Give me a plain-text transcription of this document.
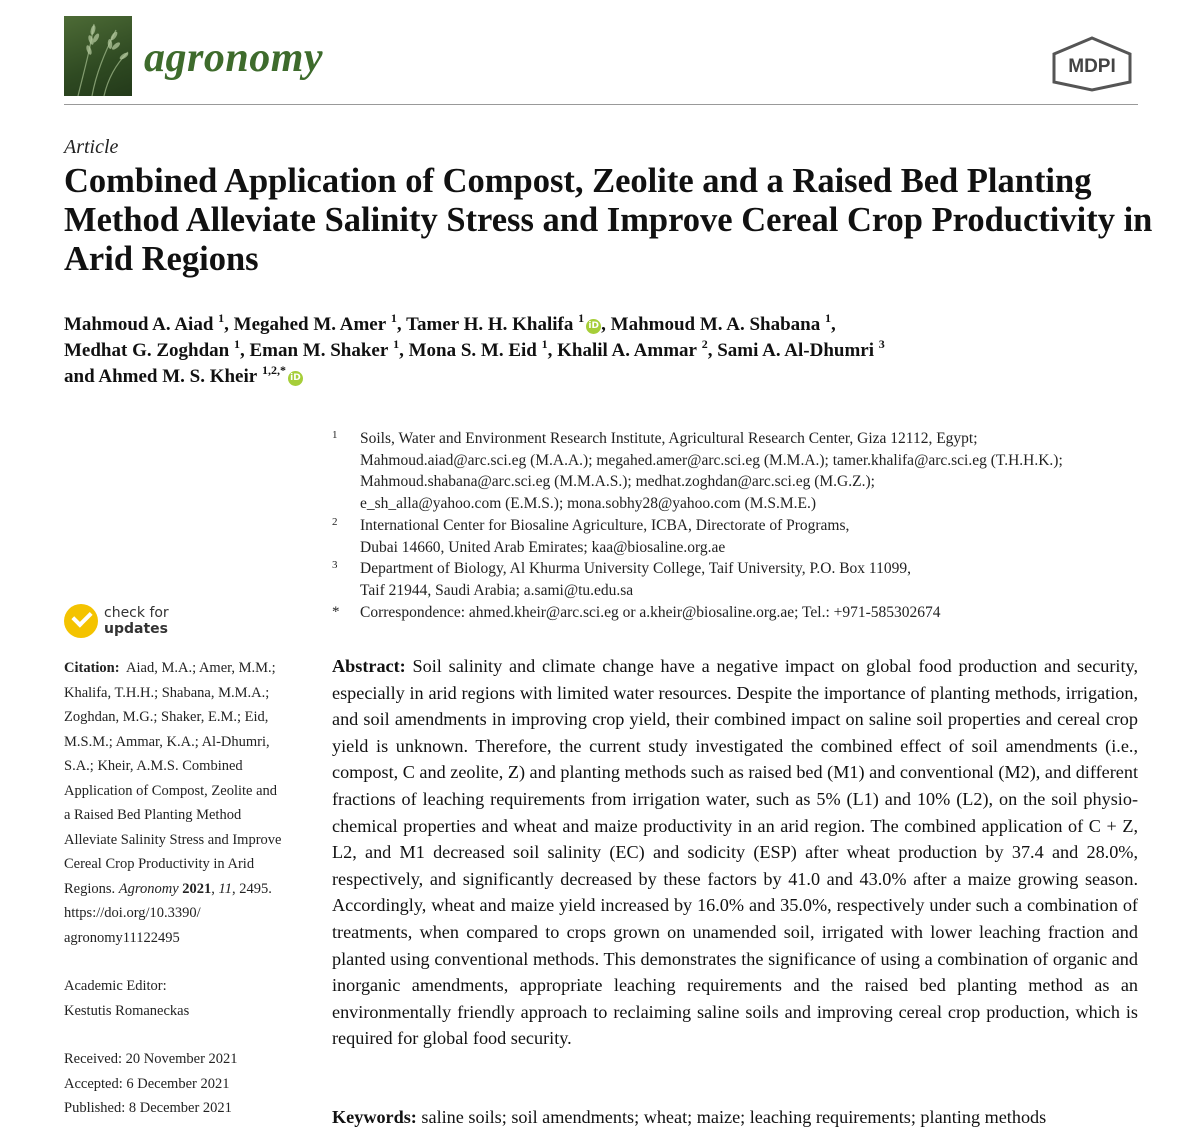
agronomy	MDPI
Article
Combined Application of Compost, Zeolite and a Raised Bed Planting Method Alleviate Salinity Stress and Improve Cereal Crop Productivity in Arid Regions
Mahmoud A. Aiad $^1$, Megahed M. Amer $^1$, Tamer H. H. Khalifa $^1$iD , Mahmoud M. A. Shabana $^1$,
Medhat G. Zoghdan $^1$, Eman M. Shaker $^1$, Mona S. M. Eid $^1$, Khalil A. Ammar $^2$, Sami A. Al-Dhumri $^3$
and Ahmed M. S. Kheir $^{1,2,*}$iD
1 Soils, Water and Environment Research Institute, Agricultural Research Center, Giza 12112, Egypt;
Mahmoud.aiad@arc.sci.eg (M.A.A.); megahed.amer@arc.sci.eg (M.M.A.); tamer.khalifa@arc.sci.eg (T.H.H.K.);
Mahmoud.shabana@arc.sci.eg (M.M.A.S.); medhat.zoghdan@arc.sci.eg (M.G.Z.);
e_sh_alla@yahoo.com (E.M.S.); mona.sobhy28@yahoo.com (M.S.M.E.)
2 International Center for Biosaline Agriculture, ICBA, Directorate of Programs,
Dubai 14660, United Arab Emirates; kaa@biosaline.org.ae
3 Department of Biology, Al Khurma University College, Taif University, P.O. Box 11099,
Taif 21944, Saudi Arabia; a.sami@tu.edu.sa
* Correspondence: ahmed.kheir@arc.sci.eg or a.kheir@biosaline.org.ae; Tel.: +971-585302674
check for
updates
Citation: Aiad, M.A.; Amer, M.M.;
Khalifa, T.H.H.; Shabana, M.M.A.;
Zoghdan, M.G.; Shaker, E.M.; Eid,
M.S.M.; Ammar, K.A.; Al-Dhumri,
S.A.; Kheir, A.M.S. Combined
Application of Compost, Zeolite and
a Raised Bed Planting Method
Alleviate Salinity Stress and Improve
Cereal Crop Productivity in Arid
Regions. Agronomy 2021, 11, 2495.
https://doi.org/10.3390/
agronomy11122495
Academic Editor:
Kestutis Romaneckas
Received: 20 November 2021
Accepted: 6 December 2021
Published: 8 December 2021

Abstract: Soil salinity and climate change have a negative impact on global food production and security, especially in arid regions with limited water resources. Despite the importance of planting methods, irrigation, and soil amendments in improving crop yield, their combined impact on saline soil properties and cereal crop yield is unknown. Therefore, the current study investigated the combined effect of soil amendments (i.e., compost, C and zeolite, Z) and planting methods such as raised bed (M1) and conventional (M2), and different fractions of leaching requirements from irrigation water, such as 5% (L1) and 10% (L2), on the soil physio-chemical properties and wheat and maize productivity in an arid region. The combined application of C + Z, L2, and M1 decreased soil salinity (EC) and sodicity (ESP) after wheat production by 37.4 and 28.0%, respectively, and significantly decreased by these factors by 41.0 and 43.0% after a maize growing season. Accordingly, wheat and maize yield increased by 16.0% and 35.0%, respectively under such a combination of treatments, when compared to crops grown on unamended soil, irrigated with lower leaching fraction and planted using conventional methods. This demonstrates the significance of using a combination of organic and inorganic amendments, appropriate leaching requirements and the raised bed planting method as an environmentally friendly approach to reclaiming saline soils and improving cereal crop production, which is required for global food security.

Keywords: saline soils; soil amendments; wheat; maize; leaching requirements; planting methods
